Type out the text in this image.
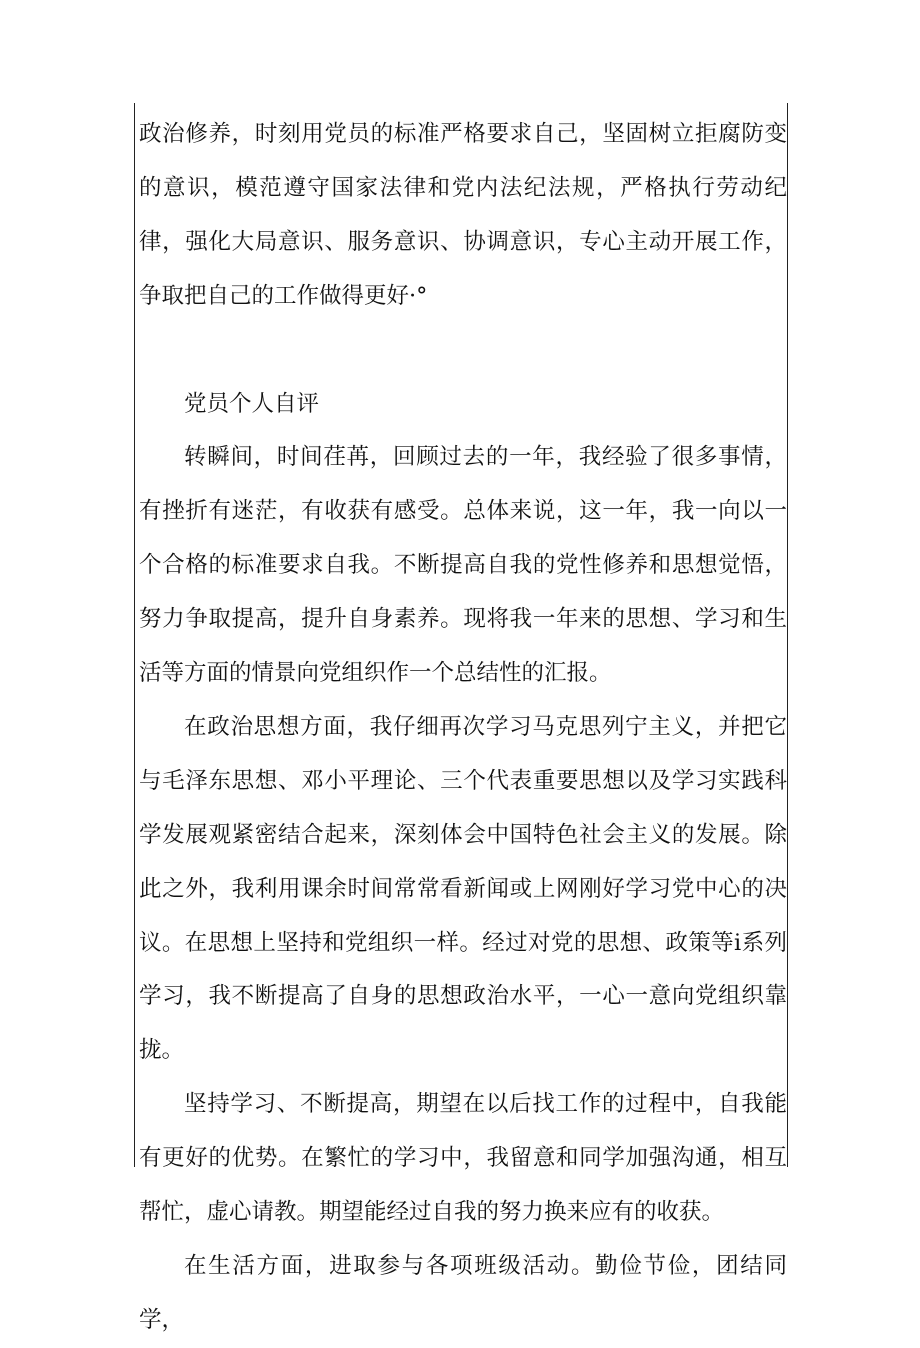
政治修养，时刻用党员的标准严格要求自己，坚固树立拒腐防变的意识，模范遵守国家法律和党内法纪法规，严格执行劳动纪律，强化大局意识、服务意识、协调意识，专心主动开展工作，争取把自己的工作做得更好·°

党员个人自评

转瞬间，时间荏苒，回顾过去的一年，我经验了很多事情，有挫折有迷茫，有收获有感受。总体来说，这一年，我一向以一个合格的标准要求自我。不断提高自我的党性修养和思想觉悟，努力争取提高，提升自身素养。现将我一年来的思想、学习和生活等方面的情景向党组织作一个总结性的汇报。

在政治思想方面，我仔细再次学习马克思列宁主义，并把它与毛泽东思想、邓小平理论、三个代表重要思想以及学习实践科学发展观紧密结合起来，深刻体会中国特色社会主义的发展。除此之外，我利用课余时间常常看新闻或上网刚好学习党中心的决议。在思想上坚持和党组织一样。经过对党的思想、政策等i系列学习，我不断提高了自身的思想政治水平，一心一意向党组织靠拢。

坚持学习、不断提高，期望在以后找工作的过程中，自我能有更好的优势。在繁忙的学习中，我留意和同学加强沟通，相互帮忙，虚心请教。期望能经过自我的努力换来应有的收获。

在生活方面，进取参与各项班级活动。勤俭节俭，团结同学，
